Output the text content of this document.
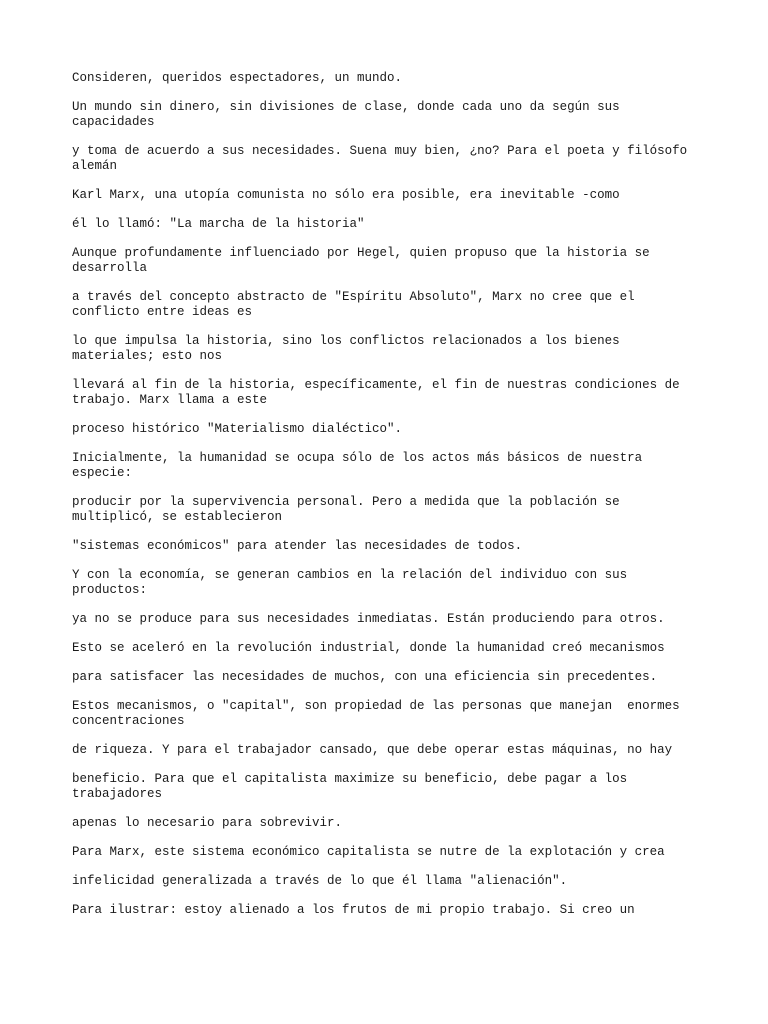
Consideren, queridos espectadores, un mundo.

Un mundo sin dinero, sin divisiones de clase, donde cada uno da según sus
capacidades

y toma de acuerdo a sus necesidades. Suena muy bien, ¿no? Para el poeta y filósofo
alemán

Karl Marx, una utopía comunista no sólo era posible, era inevitable -como

él lo llamó: "La marcha de la historia"

Aunque profundamente influenciado por Hegel, quien propuso que la historia se
desarrolla

a través del concepto abstracto de "Espíritu Absoluto", Marx no cree que el
conflicto entre ideas es

lo que impulsa la historia, sino los conflictos relacionados a los bienes
materiales; esto nos

llevará al fin de la historia, específicamente, el fin de nuestras condiciones de
trabajo. Marx llama a este

proceso histórico "Materialismo dialéctico".

Inicialmente, la humanidad se ocupa sólo de los actos más básicos de nuestra
especie:

producir por la supervivencia personal. Pero a medida que la población se
multiplicó, se establecieron

"sistemas económicos" para atender las necesidades de todos.

Y con la economía, se generan cambios en la relación del individuo con sus
productos:

ya no se produce para sus necesidades inmediatas. Están produciendo para otros.

Esto se aceleró en la revolución industrial, donde la humanidad creó mecanismos

para satisfacer las necesidades de muchos, con una eficiencia sin precedentes.

Estos mecanismos, o "capital", son propiedad de las personas que manejan  enormes
concentraciones

de riqueza. Y para el trabajador cansado, que debe operar estas máquinas, no hay

beneficio. Para que el capitalista maximize su beneficio, debe pagar a los
trabajadores

apenas lo necesario para sobrevivir.

Para Marx, este sistema económico capitalista se nutre de la explotación y crea

infelicidad generalizada a través de lo que él llama "alienación".

Para ilustrar: estoy alienado a los frutos de mi propio trabajo. Si creo un
